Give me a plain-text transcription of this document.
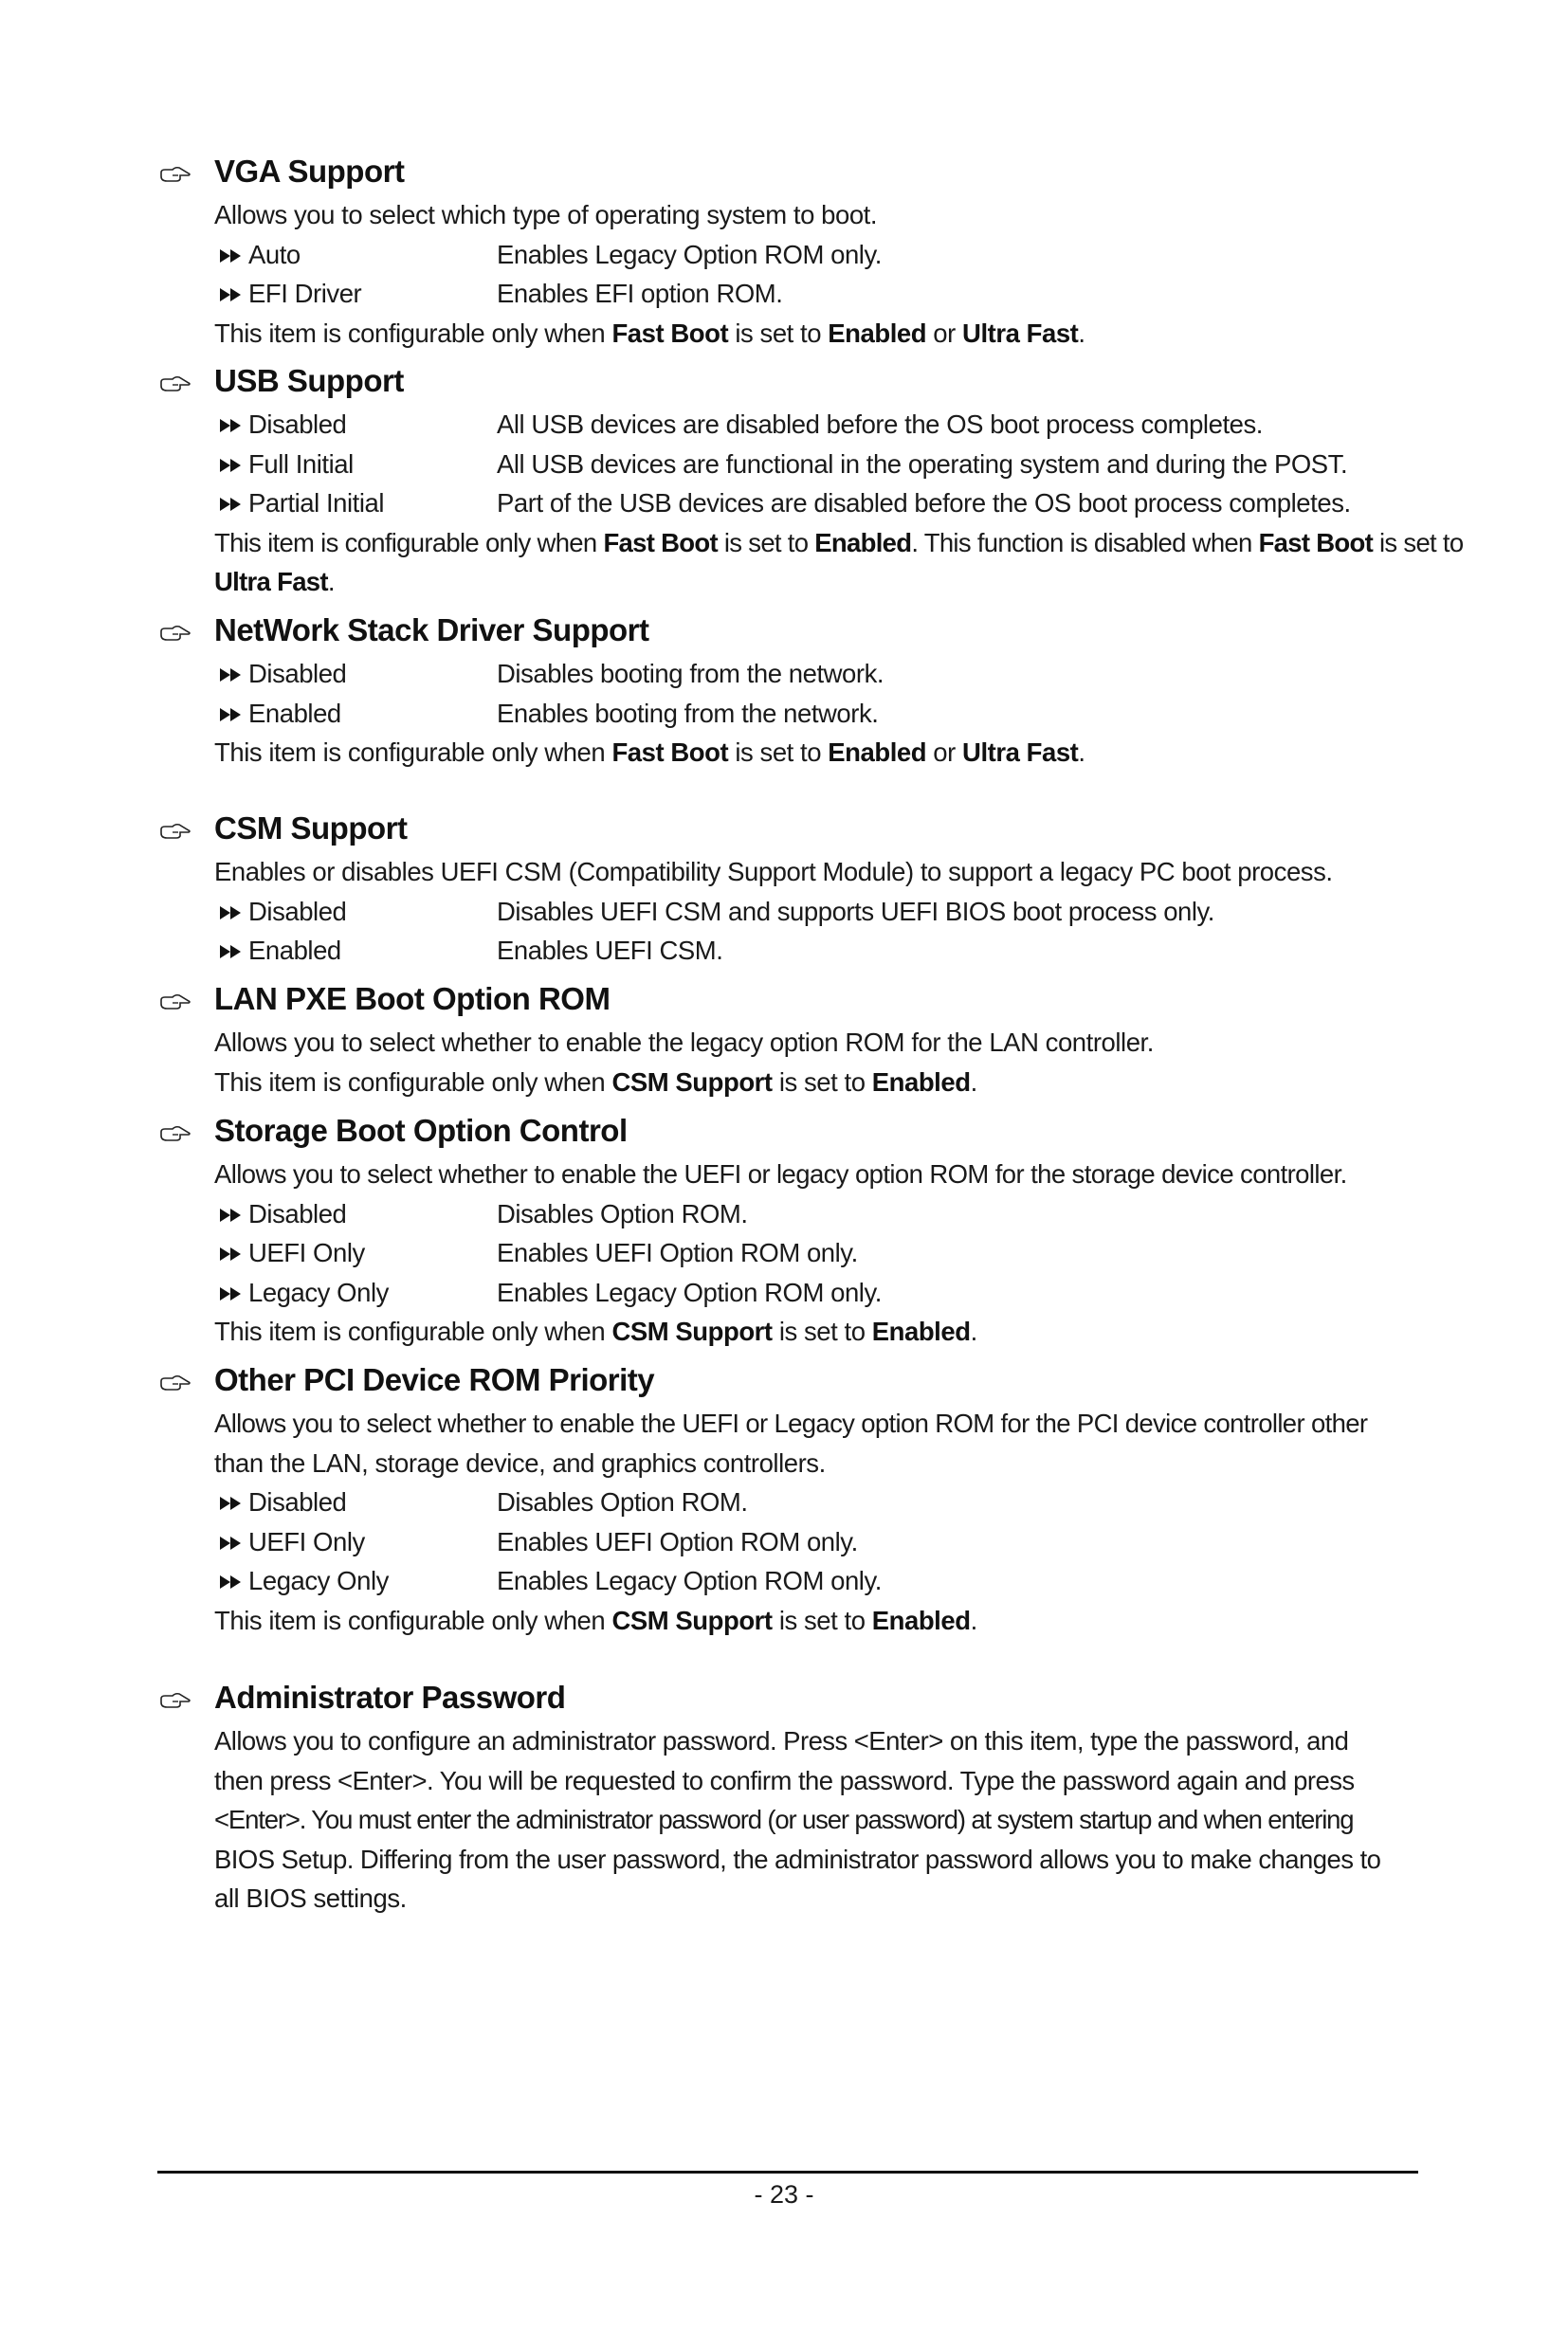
VGA Support
Allows you to select which type of operating system to boot.
Auto	Enables Legacy Option ROM only.
EFI Driver	Enables EFI option ROM.
This item is configurable only when Fast Boot is set to Enabled or Ultra Fast.
USB Support
Disabled	All USB devices are disabled before the OS boot process completes.
Full Initial	All USB devices are functional in the operating system and during the POST.
Partial Initial	Part of the USB devices are disabled before the OS boot process completes.
This item is configurable only when Fast Boot is set to Enabled. This function is disabled when Fast Boot is set to Ultra Fast.
NetWork Stack Driver Support
Disabled	Disables booting from the network.
Enabled	Enables booting from the network.
This item is configurable only when Fast Boot is set to Enabled or Ultra Fast.
CSM Support
Enables or disables UEFI CSM (Compatibility Support Module) to support a legacy PC boot process.
Disabled	Disables UEFI CSM and supports UEFI BIOS boot process only.
Enabled	Enables UEFI CSM.
LAN PXE Boot Option ROM
Allows you to select whether to enable the legacy option ROM for the LAN controller.
This item is configurable only when CSM Support is set to Enabled.
Storage Boot Option Control
Allows you to select whether to enable the UEFI or legacy option ROM for the storage device controller.
Disabled	Disables Option ROM.
UEFI Only	Enables UEFI Option ROM only.
Legacy Only	Enables Legacy Option ROM only.
This item is configurable only when CSM Support is set to Enabled.
Other PCI Device ROM Priority
Allows you to select whether to enable the UEFI or Legacy option ROM for the PCI device controller other
than the LAN, storage device, and graphics controllers.
Disabled	Disables Option ROM.
UEFI Only	Enables UEFI Option ROM only.
Legacy Only	Enables Legacy Option ROM only.
This item is configurable only when CSM Support is set to Enabled.
Administrator Password
Allows you to configure an administrator password. Press <Enter> on this item, type the password, and
then press <Enter>. You will be requested to confirm the password. Type the password again and press
<Enter>. You must enter the administrator password (or user password) at system startup and when entering
BIOS Setup. Differing from the user password, the administrator password allows you to make changes to
all BIOS settings.
- 23 -
